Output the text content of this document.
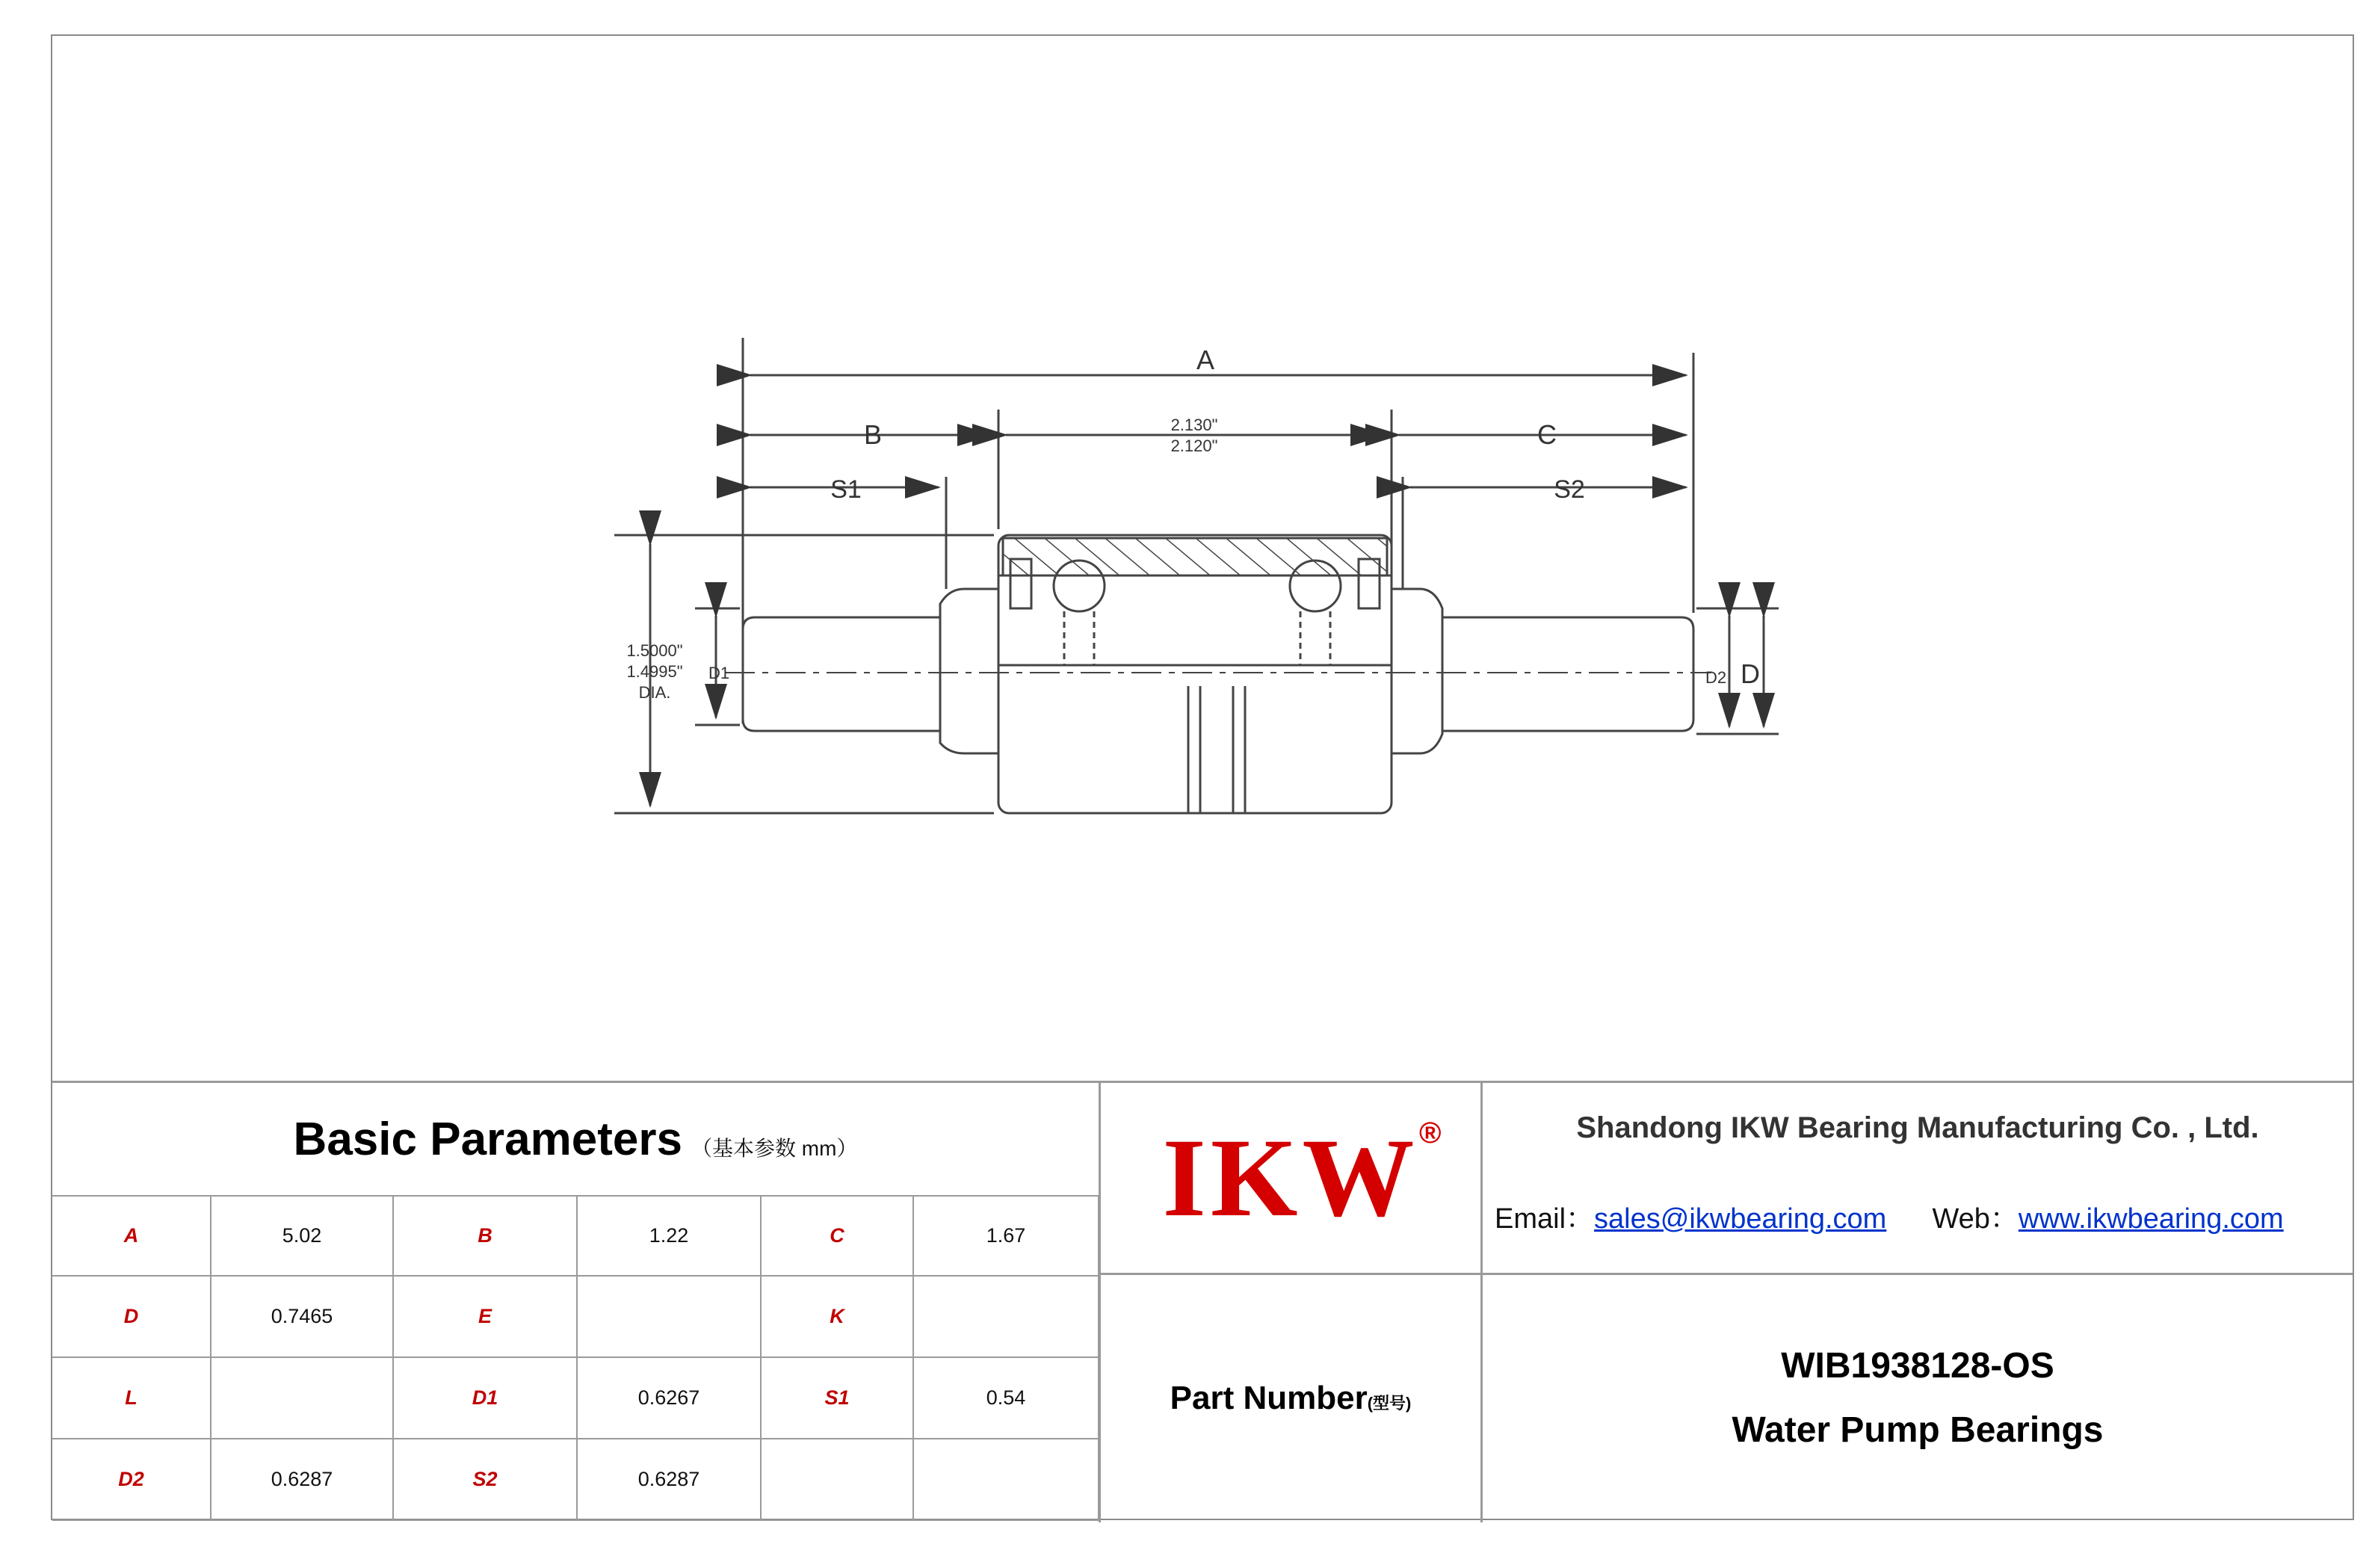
A
B	C
S1	S2
2.130"
2.120"
1.5000"
1.4995"
DIA.
D1	D2 D
Basic Parameters （基本参数 mm）
A	5.02	B	1.22	C	1.67
D	0.7465	E		K	
L		D1	0.6267	S1	0.54
D2	0.6287	S2	0.6287		
IKW ®	Shandong IKW Bearing Manufacturing Co. , Ltd.
Email：sales@ikwbearing.com Web：www.ikwbearing.com
Part Number(型号)
WIB1938128-OS
Water Pump Bearings
